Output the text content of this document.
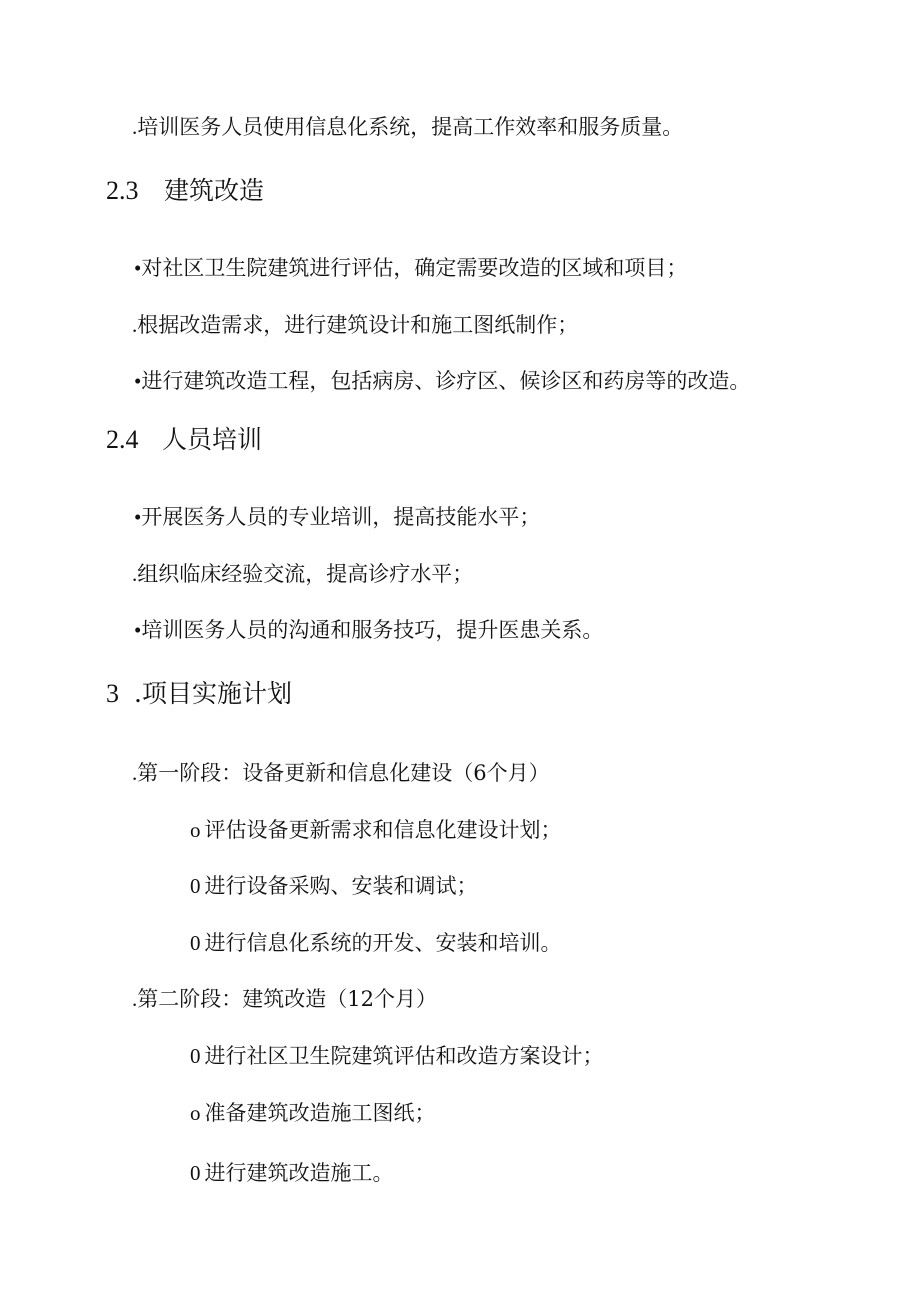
.培训医务人员使用信息化系统，提高工作效率和服务质量。
2.3 建筑改造
•对社区卫生院建筑进行评估，确定需要改造的区域和项目；
.根据改造需求，进行建筑设计和施工图纸制作；
•进行建筑改造工程，包括病房、诊疗区、候诊区和药房等的改造。
2.4 人员培训
•开展医务人员的专业培训，提高技能水平；
.组织临床经验交流，提高诊疗水平；
•培训医务人员的沟通和服务技巧，提升医患关系。
3 .项目实施计划
.第一阶段：设备更新和信息化建设（6个月）
o 评估设备更新需求和信息化建设计划；
0 进行设备采购、安装和调试；
0 进行信息化系统的开发、安装和培训。
.第二阶段：建筑改造（12个月）
0 进行社区卫生院建筑评估和改造方案设计；
o 准备建筑改造施工图纸；
0 进行建筑改造施工。
